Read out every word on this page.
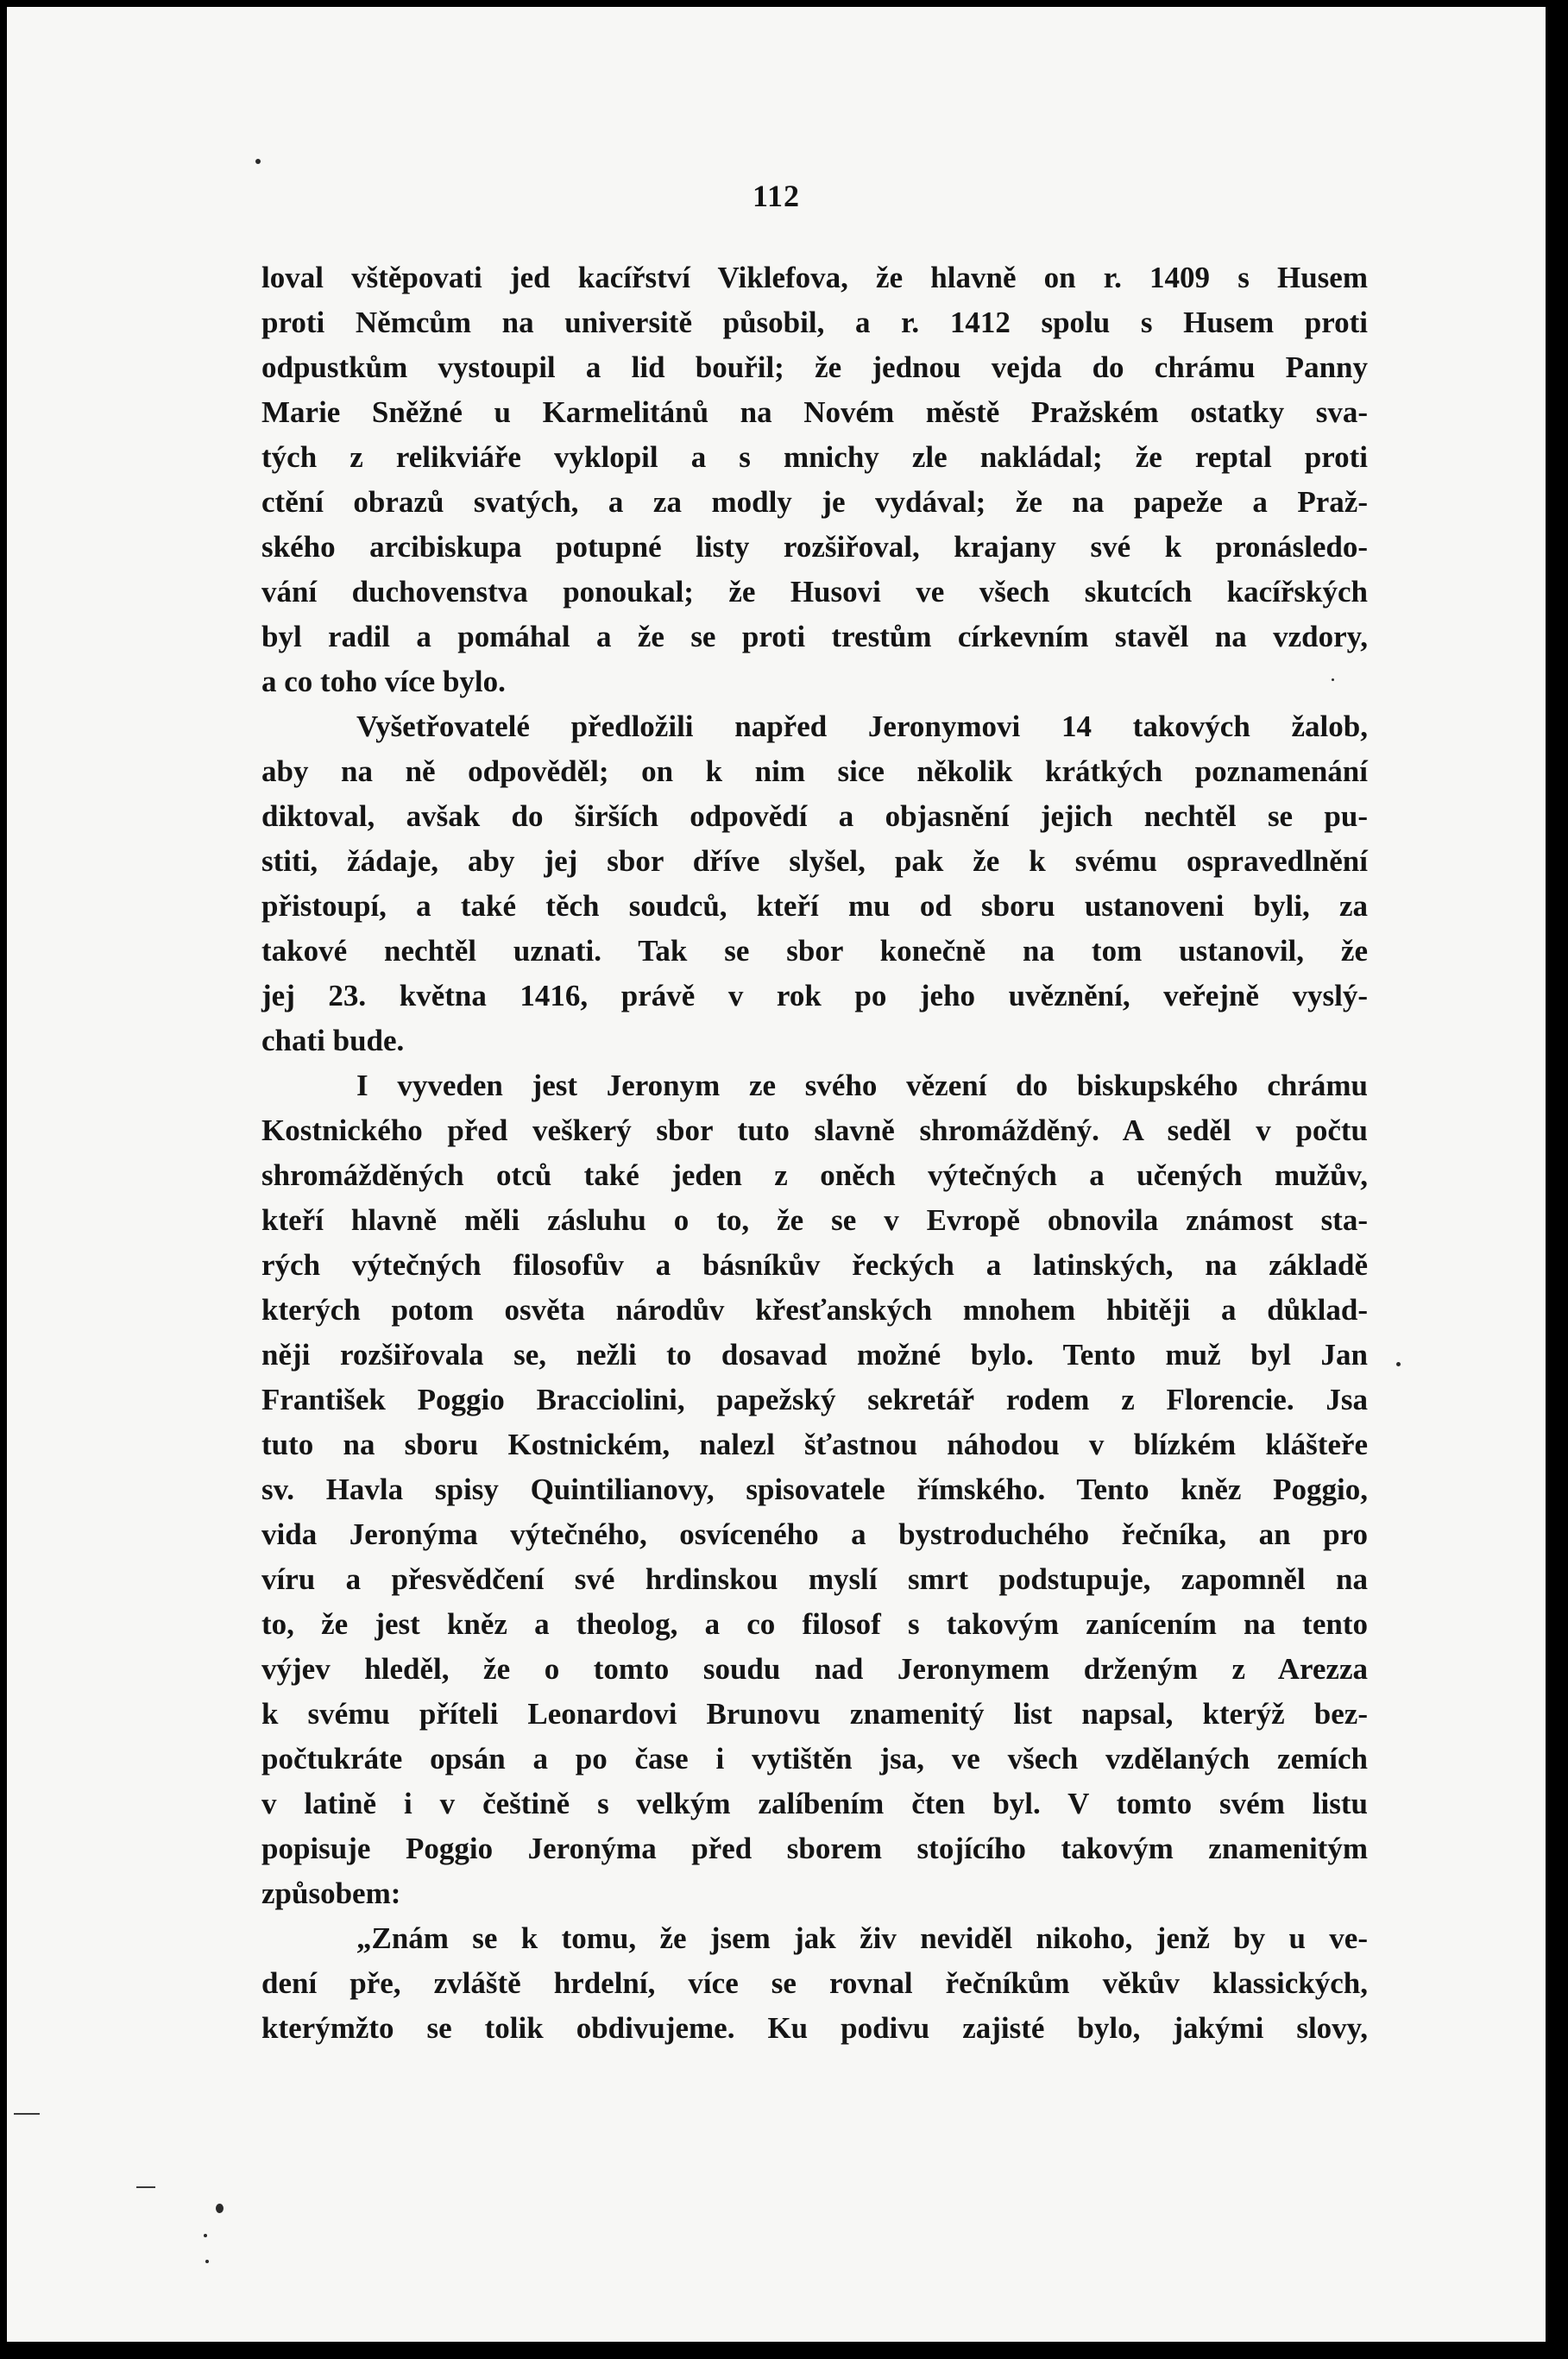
112
loval vštěpovati jed kacířství Viklefova, že hlavně on r. 1409 s Husem
proti Němcům na universitě působil, a r. 1412 spolu s Husem proti
odpustkům vystoupil a lid bouřil; že jednou vejda do chrámu Panny
Marie Sněžné u Karmelitánů na Novém městě Pražském ostatky sva-
tých z relikviáře vyklopil a s mnichy zle nakládal; že reptal proti
ctění obrazů svatých, a za modly je vydával; že na papeže a Praž-
ského arcibiskupa potupné listy rozšiřoval, krajany své k pronásledo-
vání duchovenstva ponoukal; že Husovi ve všech skutcích kacířských
byl radil a pomáhal a že se proti trestům církevním stavěl na vzdory,
a co toho více bylo.
Vyšetřovatelé předložili napřed Jeronymovi 14 takových žalob,
aby na ně odpověděl; on k nim sice několik krátkých poznamenání
diktoval, avšak do širších odpovědí a objasnění jejich nechtěl se pu-
stiti, žádaje, aby jej sbor dříve slyšel, pak že k svému ospravedlnění
přistoupí, a také těch soudců, kteří mu od sboru ustanoveni byli, za
takové nechtěl uznati. Tak se sbor konečně na tom ustanovil, že
jej 23. května 1416, právě v rok po jeho uvěznění, veřejně vyslý-
chati bude.
I vyveden jest Jeronym ze svého vězení do biskupského chrámu
Kostnického před veškerý sbor tuto slavně shromážděný. A seděl v počtu
shromážděných otců také jeden z oněch výtečných a učených mužův,
kteří hlavně měli zásluhu o to, že se v Evropě obnovila známost sta-
rých výtečných filosofův a básníkův řeckých a latinských, na základě
kterých potom osvěta národův křesťanských mnohem hbitěji a důklad-
něji rozšiřovala se, nežli to dosavad možné bylo. Tento muž byl Jan
František Poggio Bracciolini, papežský sekretář rodem z Florencie. Jsa
tuto na sboru Kostnickém, nalezl šťastnou náhodou v blízkém klášteře
sv. Havla spisy Quintilianovy, spisovatele římského. Tento kněz Poggio,
vida Jeronýma výtečného, osvíceného a bystroduchého řečníka, an pro
víru a přesvědčení své hrdinskou myslí smrt podstupuje, zapomněl na
to, že jest kněz a theolog, a co filosof s takovým zanícením na tento
výjev hleděl, že o tomto soudu nad Jeronymem drženým z Arezza
k svému příteli Leonardovi Brunovu znamenitý list napsal, kterýž bez-
počtukráte opsán a po čase i vytištěn jsa, ve všech vzdělaných zemích
v latině i v češtině s velkým zalíbením čten byl. V tomto svém listu
popisuje Poggio Jeronýma před sborem stojícího takovým znamenitým
způsobem:
„Znám se k tomu, že jsem jak živ neviděl nikoho, jenž by u ve-
dení pře, zvláště hrdelní, více se rovnal řečníkům věkův klassických,
kterýmžto se tolik obdivujeme. Ku podivu zajisté bylo, jakými slovy,
